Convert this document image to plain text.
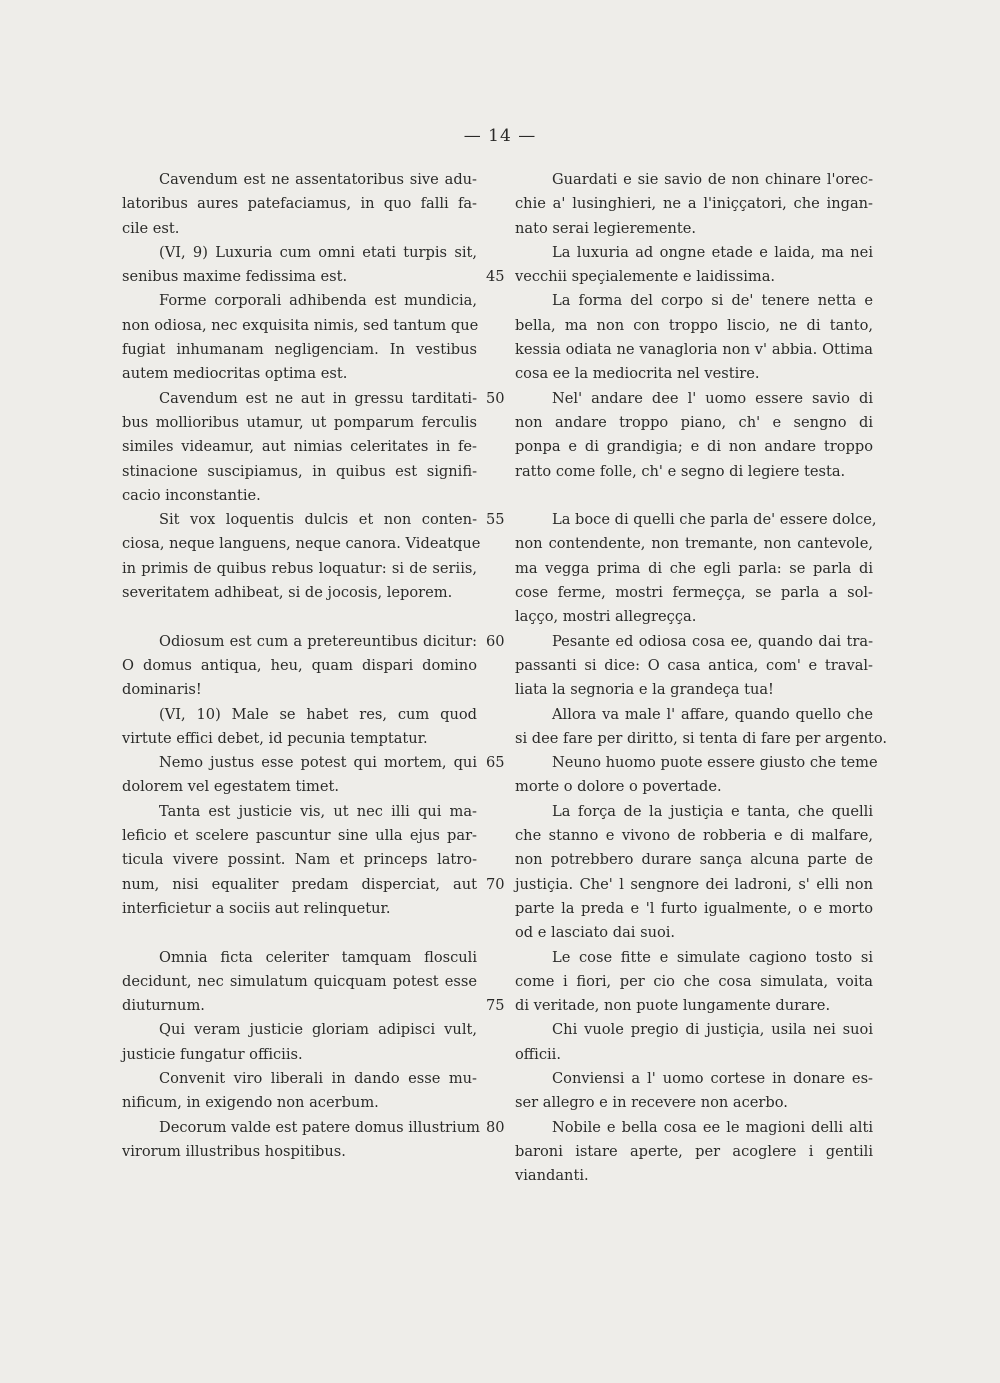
— 14 —
Cavendum est ne assentatoribus sive adu-
latoribus aures patefaciamus, in quo falli fa-
cile est.
(VI, 9) Luxuria cum omni etati turpis sit,
senibus maxime fedissima est.
Forme corporali adhibenda est mundicia,
non odiosa, nec exquisita nimis, sed tantum que
fugiat inhumanam negligenciam. In vestibus
autem mediocritas optima est.
Cavendum est ne aut in gressu tarditati-
bus mollioribus utamur, ut pomparum ferculis
similes videamur, aut nimias celeritates in fe-
stinacione suscipiamus, in quibus est signifi-
cacio inconstantie.
Sit vox loquentis dulcis et non conten-
ciosa, neque languens, neque canora. Videatque
in primis de quibus rebus loquatur: si de seriis,
severitatem adhibeat, si de jocosis, leporem.
Odiosum est cum a pretereuntibus dicitur:
O domus antiqua, heu, quam dispari domino
dominaris!
(VI, 10) Male se habet res, cum quod
virtute effici debet, id pecunia temptatur.
Nemo justus esse potest qui mortem, qui
dolorem vel egestatem timet.
Tanta est justicie vis, ut nec illi qui ma-
leficio et scelere pascuntur sine ulla ejus par-
ticula vivere possint. Nam et princeps latro-
num, nisi equaliter predam disperciat, aut
interficietur a sociis aut relinquetur.
Omnia ficta celeriter tamquam flosculi
decidunt, nec simulatum quicquam potest esse
diuturnum.
Qui veram justicie gloriam adipisci vult,
justicie fungatur officiis.
Convenit viro liberali in dando esse mu-
nificum, in exigendo non acerbum.
Decorum valde est patere domus illustrium
virorum illustribus hospitibus.
45
50
55
60
65
70
75
80
Guardati e sie savio de non chinare l'orec-
chie a' lusinghieri, ne a l'iniççatori, che ingan-
nato serai legieremente.
La luxuria ad ongne etade e laida, ma nei
vecchii speçialemente e laidissima.
La forma del corpo si de' tenere netta e
bella, ma non con troppo liscio, ne di tanto,
kessia odiata ne vanagloria non v' abbia. Ottima
cosa ee la mediocrita nel vestire.
Nel' andare dee l' uomo essere savio di
non andare troppo piano, ch' e sengno di
ponpa e di grandigia; e di non andare troppo
ratto come folle, ch' e segno di legiere testa.
La boce di quelli che parla de' essere dolce,
non contendente, non tremante, non cantevole,
ma vegga prima di che egli parla: se parla di
cose ferme, mostri fermeçça, se parla a sol-
laçço, mostri allegreçça.
Pesante ed odiosa cosa ee, quando dai tra-
passanti si dice: O casa antica, com' e traval-
liata la segnoria e la grandeça tua!
Allora va male l' affare, quando quello che
si dee fare per diritto, si tenta di fare per argento.
Neuno huomo puote essere giusto che teme
morte o dolore o povertade.
La força de la justiçia e tanta, che quelli
che stanno e vivono de robberia e di malfare,
non potrebbero durare sança alcuna parte de
justiçia. Che' l sengnore dei ladroni, s' elli non
parte la preda e 'l furto igualmente, o e morto
od e lasciato dai suoi.
Le cose fitte e simulate cagiono tosto si
come i fiori, per cio che cosa simulata, voita
di veritade, non puote lungamente durare.
Chi vuole pregio di justiçia, usila nei suoi
officii.
Conviensi a l' uomo cortese in donare es-
ser allegro e in recevere non acerbo.
Nobile e bella cosa ee le magioni delli alti
baroni istare aperte, per acoglere i gentili
viandanti.
